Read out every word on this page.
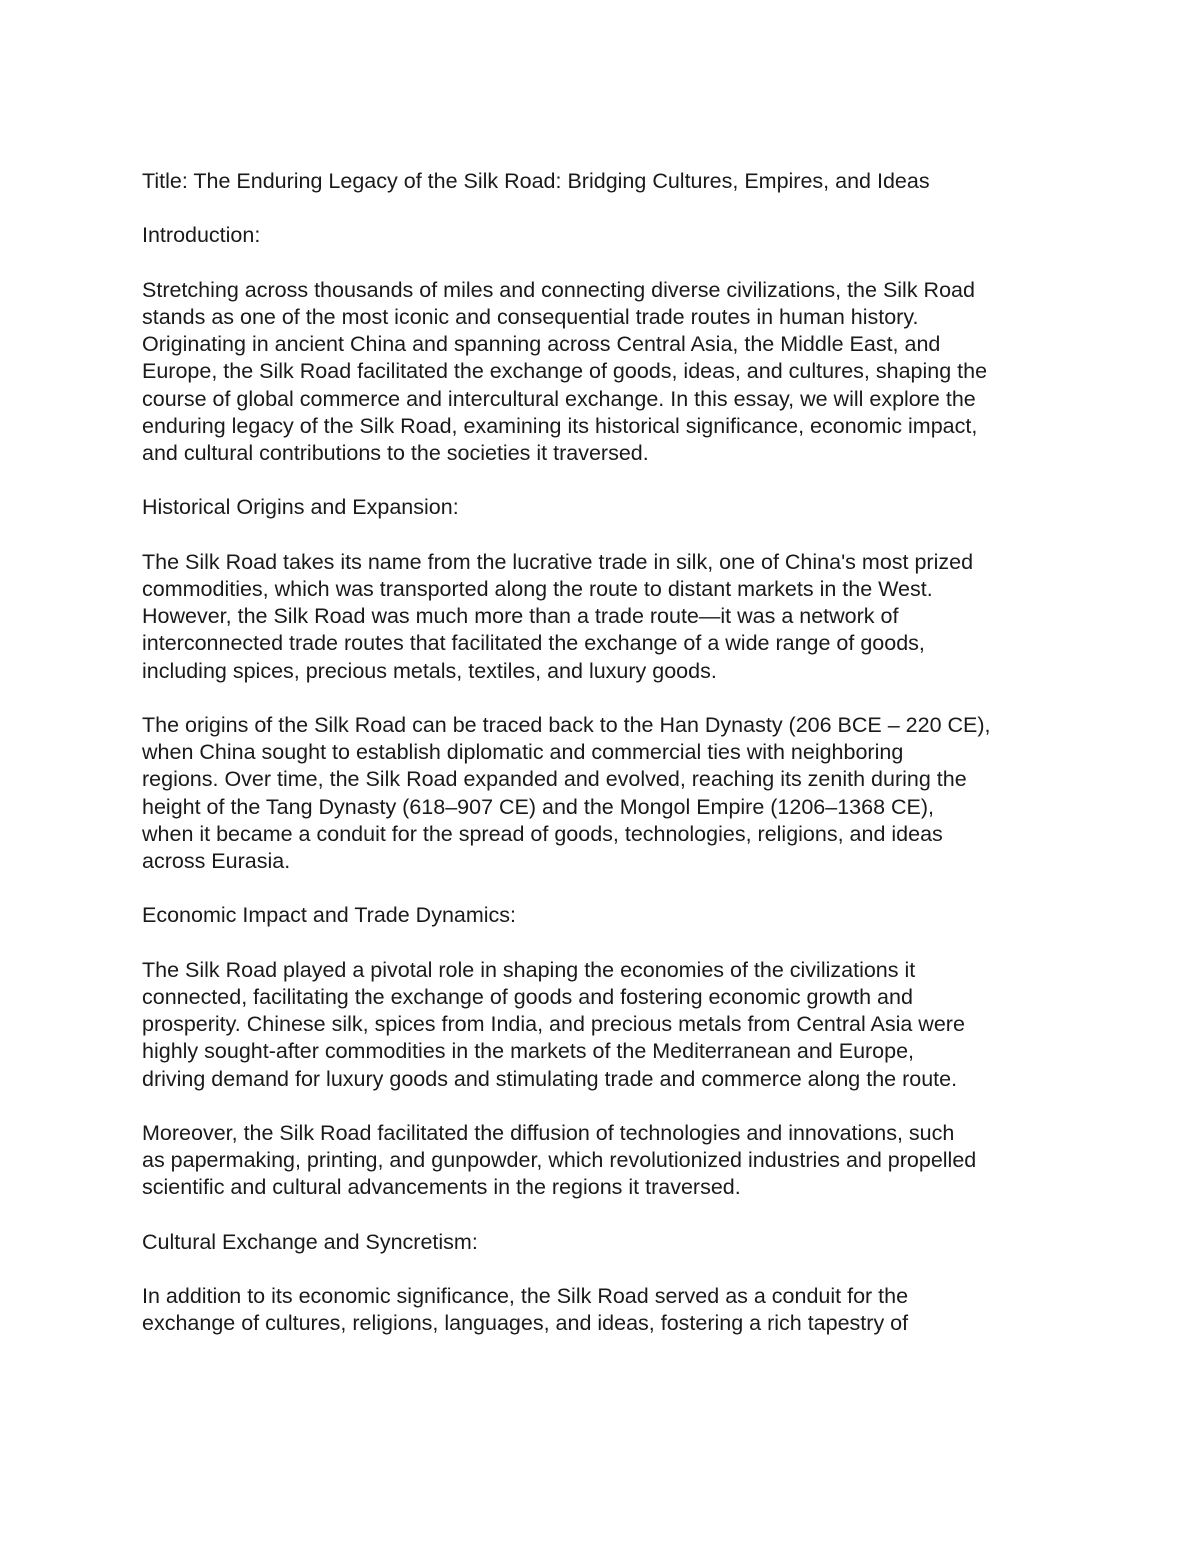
Title: The Enduring Legacy of the Silk Road: Bridging Cultures, Empires, and Ideas
Introduction:

Stretching across thousands of miles and connecting diverse civilizations, the Silk Road
stands as one of the most iconic and consequential trade routes in human history.
Originating in ancient China and spanning across Central Asia, the Middle East, and
Europe, the Silk Road facilitated the exchange of goods, ideas, and cultures, shaping the
course of global commerce and intercultural exchange. In this essay, we will explore the
enduring legacy of the Silk Road, examining its historical significance, economic impact,
and cultural contributions to the societies it traversed.

Historical Origins and Expansion:

The Silk Road takes its name from the lucrative trade in silk, one of China's most prized
commodities, which was transported along the route to distant markets in the West.
However, the Silk Road was much more than a trade route—it was a network of
interconnected trade routes that facilitated the exchange of a wide range of goods,
including spices, precious metals, textiles, and luxury goods.

The origins of the Silk Road can be traced back to the Han Dynasty (206 BCE – 220 CE),
when China sought to establish diplomatic and commercial ties with neighboring
regions. Over time, the Silk Road expanded and evolved, reaching its zenith during the
height of the Tang Dynasty (618–907 CE) and the Mongol Empire (1206–1368 CE),
when it became a conduit for the spread of goods, technologies, religions, and ideas
across Eurasia.

Economic Impact and Trade Dynamics:

The Silk Road played a pivotal role in shaping the economies of the civilizations it
connected, facilitating the exchange of goods and fostering economic growth and
prosperity. Chinese silk, spices from India, and precious metals from Central Asia were
highly sought-after commodities in the markets of the Mediterranean and Europe,
driving demand for luxury goods and stimulating trade and commerce along the route.

Moreover, the Silk Road facilitated the diffusion of technologies and innovations, such
as papermaking, printing, and gunpowder, which revolutionized industries and propelled
scientific and cultural advancements in the regions it traversed.

Cultural Exchange and Syncretism:

In addition to its economic significance, the Silk Road served as a conduit for the
exchange of cultures, religions, languages, and ideas, fostering a rich tapestry of
